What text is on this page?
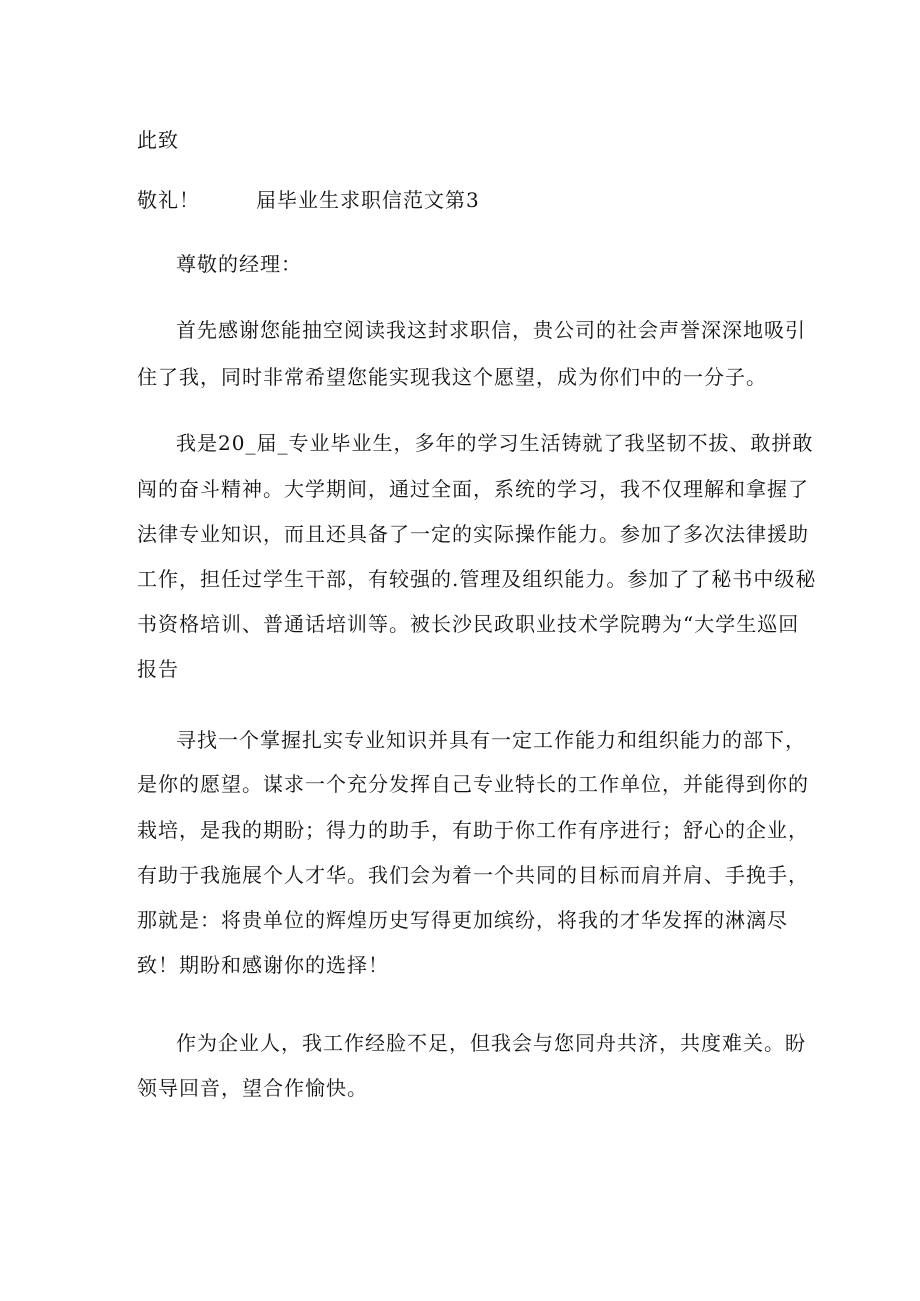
此致
敬礼！	届毕业生求职信范文第3
尊敬的经理：
首先感谢您能抽空阅读我这封求职信，贵公司的社会声誉深深地吸引
住了我，同时非常希望您能实现我这个愿望，成为你们中的一分子。
我是20_届_专业毕业生，多年的学习生活铸就了我坚韧不拔、敢拼敢
闯的奋斗精神。大学期间，通过全面，系统的学习，我不仅理解和拿握了
法律专业知识，而且还具备了一定的实际操作能力。参加了多次法律援助
工作，担任过学生干部，有较强的.管理及组织能力。参加了了秘书中级秘
书资格培训、普通话培训等。被长沙民政职业技术学院聘为“大学生巡回
报告
寻找一个掌握扎实专业知识并具有一定工作能力和组织能力的部下，
是你的愿望。谋求一个充分发挥自己专业特长的工作单位，并能得到你的
栽培，是我的期盼；得力的助手，有助于你工作有序进行；舒心的企业，
有助于我施展个人才华。我们会为着一个共同的目标而肩并肩、手挽手，
那就是：将贵单位的辉煌历史写得更加缤纷，将我的才华发挥的淋漓尽
致！期盼和感谢你的选择！
作为企业人，我工作经脸不足，但我会与您同舟共济，共度难关。盼
领导回音，望合作愉快。
